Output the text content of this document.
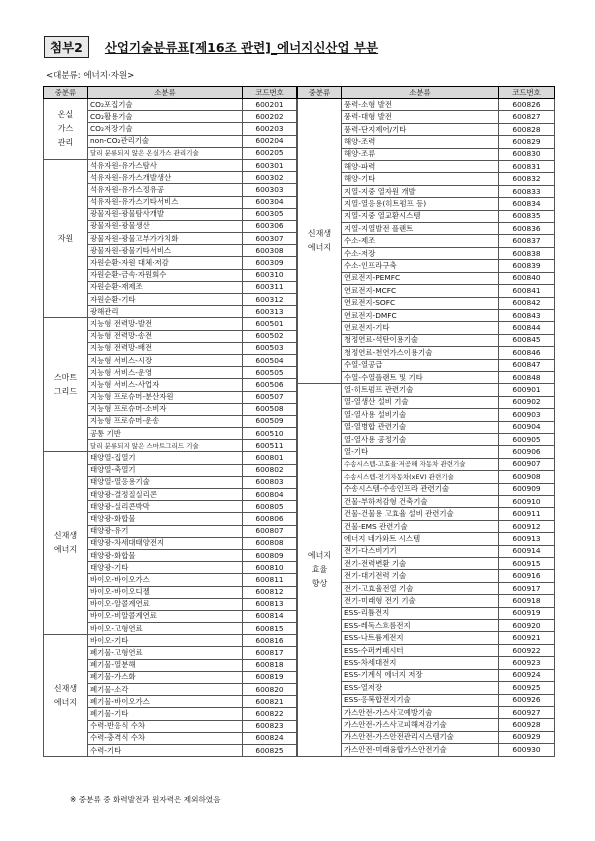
첨부2	산업기술분류표[제16조 관련]_에너지신산업 부분
<대분류: 에너지·자원>
중분류	소분류	코드번호
온실
가스
관리	CO₂포집기술	600201
	CO₂활용기술	600202
	CO₂저장기술	600203
	non-CO₂관리기술	600204
	달리 분류되지 않은 온실가스 관리기술	600205
자원	석유자원-유가스탐사	600301
	석유자원-유가스개발생산	600302
	석유자원-유가스정유공	600303
	석유자원-유가스기타서비스	600304
	광물자원-광물탐사개발	600305
	광물자원-광물생산	600306
	광물자원-광물고부가가치화	600307
	광물자원-광물기타서비스	600308
	자원순환-자원 대체·저감	600309
	자원순환-금속·자원회수	600310
	자원순환-재제조	600311
	자원순환-기타	600312
	광해관리	600313
스마트
그리드	지능형 전력망-발전	600501
	지능형 전력망-송전	600502
	지능형 전력망-배전	600503
	지능형 서비스-시장	600504
	지능형 서비스-운영	600505
	지능형 서비스-사업자	600506
	지능형 프로슈머-분산자원	600507
	지능형 프로슈머-소비자	600508
	지능형 프로슈머-운송	600509
	공통 기반	600510
	달리 분류되지 않은 스마트그리드 기술	600511
신재생
에너지	태양열-집열기	600801
	태양열-축열기	600802
	태양열-열응용기술	600803
	태양광-결정질실리콘	600804
	태양광-실리콘박막	600805
	태양광-화합물	600806
	태양광-유기	600807
	태양광-차세대태양전지	600808
	태양광-화합물	600809
	태양광-기타	600810
	바이오-바이오가스	600811
	바이오-바이오디젤	600812
	바이오-알콜계연료	600813
	바이오-비알콜계연료	600814
	바이오-고형연료	600815
신재생
에너지	바이오-기타	600816
	폐기물-고형연료	600817
	폐기물-열분해	600818
	폐기물-가스화	600819
	폐기물-소각	600820
	폐기물-바이오가스	600821
	폐기물-기타	600822
	수력-반응식 수차	600823
	수력-충격식 수차	600824
	수력-기타	600825
중분류	소분류	코드번호
신재생
에너지	풍력-소형 발전	600826
	풍력-대형 발전	600827
	풍력-단지제어/기타	600828
	해양-조력	600829
	해양-조류	600830
	해양-파력	600831
	해양-기타	600832
	지열-지중 열자원 개발	600833
	지열-열응용(히트펌프 등)	600834
	지열-지중 열교환시스템	600835
	지열-지열발전 플랜트	600836
	수소-제조	600837
	수소-저장	600838
	수소-인프라구축	600839
	연료전지-PEMFC	600840
	연료전지-MCFC	600841
	연료전지-SOFC	600842
	연료전지-DMFC	600843
	연료전지-기타	600844
	청정연료-석탄이용기술	600845
	청정연료-천연가스이용기술	600846
	수열-열공급	600847
	수열-수열플랜트 및 기타	600848
에너지
효율
향상	열-히트펌프 관련기술	600901
	열-열생산 설비 기술	600902
	열-열사용 설비기술	600903
	열-열병합 관련기술	600904
	열-열사용 공정기술	600905
	열-기타	600906
	수송시스템-고효율·저공해 자동차 관련기술	600907
	수송시스템-전기자동차(xEV) 관련기술	600908
	수송시스템-수송인프라 관련기술	600909
	건물-부하저감형 건축기술	600910
	건물-건물용 고효율 설비 관련기술	600911
	건물-EMS 관련기술	600912
	에너지 네가와트 시스템	600913
	전기-다스비기기	600914
	전기-전력변환 기술	600915
	전기-대기전력 기술	600916
	전기-고효율전열 기술	600917
	전기-미래형 전기 기술	600918
	ESS-리튬전지	600919
	ESS-레독스흐름전지	600920
	ESS-나트륨계전지	600921
	ESS-수퍼커패시터	600922
	ESS-차세대전지	600923
	ESS-기계식 에너지 저장	600924
	ESS-열저장	600925
	ESS-응복합전지기술	600926
	가스안전-가스사고예방기술	600927
	가스안전-가스사고피해저감기술	600928
	가스안전-가스안전관리시스템기술	600929
	가스안전-미래융합가스안전기술	600930
※ 중분류 중 화력발전과 원자력은 제외하였음
